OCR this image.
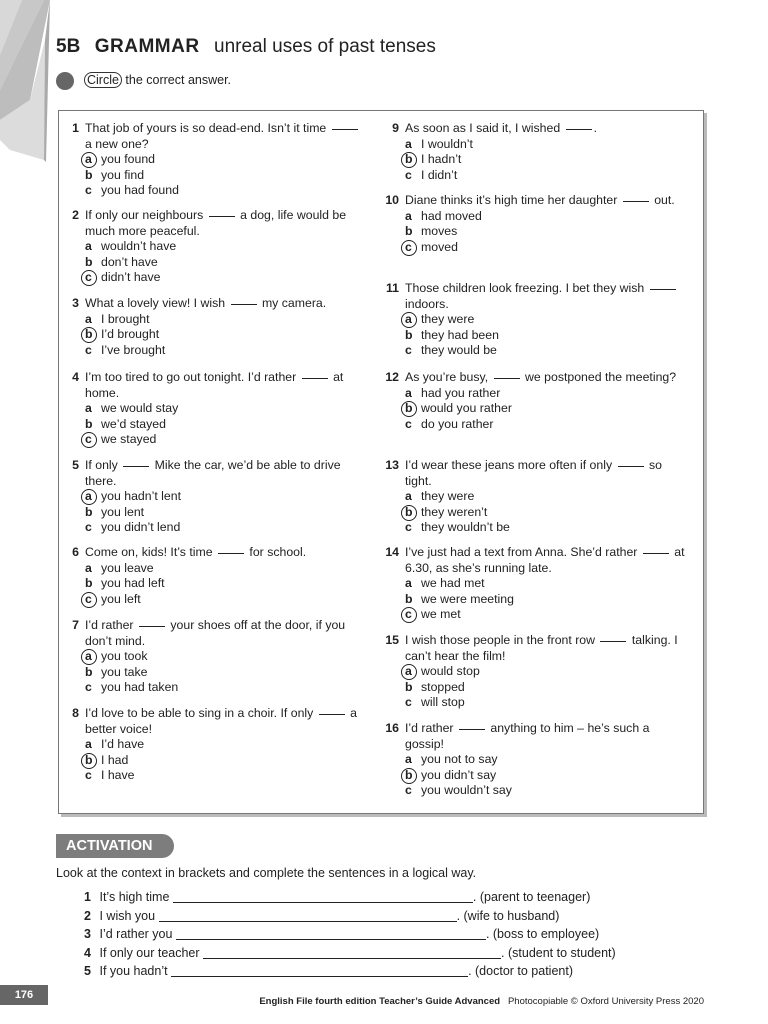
5B GRAMMAR unreal uses of past tenses
Circle the correct answer.
1 That job of yours is so dead-end. Isn’t it time  a new one?
a you found
b you find
c you had found
2 If only our neighbours	a dog, life would be much more peaceful.
a wouldn’t have
b don’t have
c didn’t have
3 What a lovely view! I wish	my camera.
a I brought
b I’d brought
c I’ve brought
4 I’m too tired to go out tonight. I’d rather	at home.
a we would stay
b we’d stayed
c we stayed
5 If only	Mike the car, we’d be able to drive there.
a you hadn’t lent
b you lent
c you didn’t lend
6 Come on, kids! It’s time	for school.
a you leave
b you had left
c you left
7 I’d rather	your shoes off at the door, if you don’t mind.
a you took
b you take
c you had taken
8 I’d love to be able to sing in a choir. If only	a better voice!
a I’d have
b I had
c I have
9 As soon as I said it, I wished	.
a I wouldn’t
b I hadn’t
c I didn’t
10 Diane thinks it’s high time her daughter	out.
a had moved
b moves
c moved
11 Those children look freezing. I bet they wish  indoors.
a they were
b they had been
c they would be
12 As you’re busy,	we postponed the meeting?
a had you rather
b would you rather
c do you rather
13 I’d wear these jeans more often if only	so tight.
a they were
b they weren’t
c they wouldn’t be
14 I’ve just had a text from Anna. She’d rather	at 6.30, as she’s running late.
a we had met
b we were meeting
c we met
15 I wish those people in the front row	talking. I can’t hear the film!
a would stop
b stopped
c will stop
16 I’d rather	anything to him – he’s such a gossip!
a you not to say
b you didn’t say
c you wouldn’t say
ACTIVATION
Look at the context in brackets and complete the sentences in a logical way.
1 It’s high time	. (parent to teenager)
2 I wish you	. (wife to husband)
3 I’d rather you	. (boss to employee)
4 If only our teacher	. (student to student)
5 If you hadn’t	. (doctor to patient)
176
English File fourth edition Teacher’s Guide Advanced Photocopiable © Oxford University Press 2020
